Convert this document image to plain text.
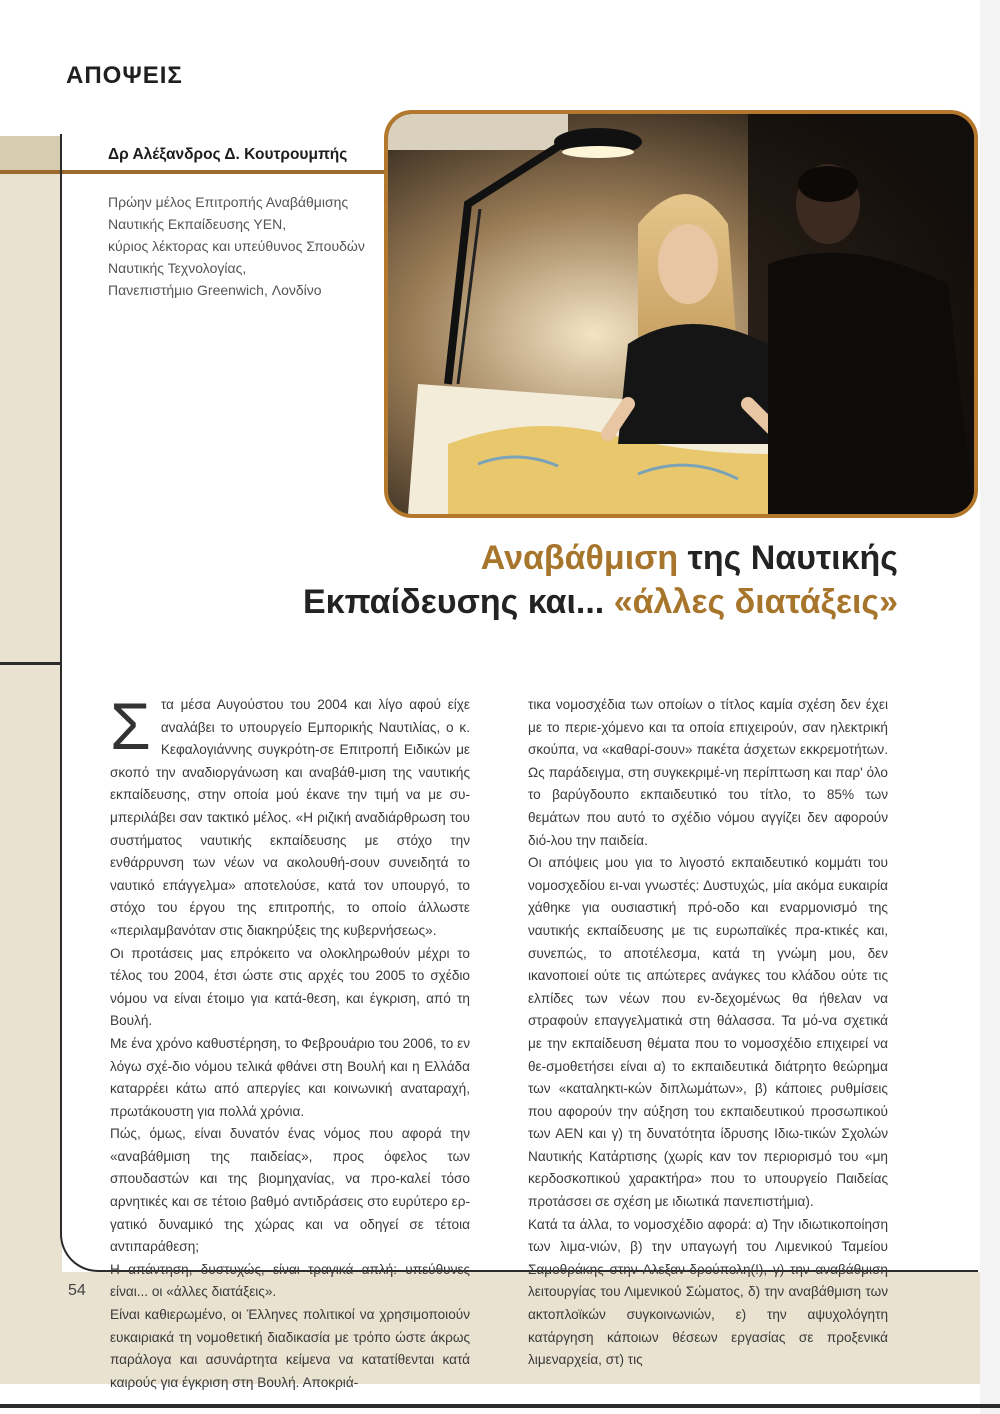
ΑΠΟΨΕΙΣ
Δρ Αλέξανδρος Δ. Κουτρουμπής
Πρώην μέλος Επιτροπής Αναβάθμισης
Ναυτικής Εκπαίδευσης ΥΕΝ,
κύριος λέκτορας και υπεύθυνος Σπουδών
Ναυτικής Τεχνολογίας,
Πανεπιστήμιο Greenwich, Λονδίνο
Αναβάθμιση της Ναυτικής
Εκπαίδευσης και... «άλλες διατάξεις»
Σ τα μέσα Αυγούστου του 2004 και λίγο αφού είχε αναλάβει το υπουργείο Εμπορικής Ναυτιλίας, ο κ. Κεφαλογιάννης συγκρότη-σε Επιτροπή Ειδικών με σκοπό την αναδιοργάνωση και αναβάθ-μιση της ναυτικής εκπαίδευσης, στην οποία μού έκανε την τιμή να με συ-μπεριλάβει σαν τακτικό μέλος. «Η ριζική αναδιάρθρωση του συστήματος ναυτικής εκπαίδευσης με στόχο την ενθάρρυνση των νέων να ακολουθή-σουν συνειδητά το ναυτικό επάγγελμα» αποτελούσε, κατά τον υπουργό, το στόχο του έργου της επιτροπής, το οποίο άλλωστε «περιλαμβανόταν στις διακηρύξεις της κυβερνήσεως».

Οι προτάσεις μας επρόκειτο να ολοκληρωθούν μέχρι το τέλος του 2004, έτσι ώστε στις αρχές του 2005 το σχέδιο νόμου να είναι έτοιμο για κατά-θεση, και έγκριση, από τη Βουλή.

Με ένα χρόνο καθυστέρηση, το Φεβρουάριο του 2006, το εν λόγω σχέ-διο νόμου τελικά φθάνει στη Βουλή και η Ελλάδα καταρρέει κάτω από απεργίες και κοινωνική αναταραχή, πρωτάκουστη για πολλά χρόνια.

Πώς, όμως, είναι δυνατόν ένας νόμος που αφορά την «αναβάθμιση της παιδείας», προς όφελος των σπουδαστών και της βιομηχανίας, να προ-καλεί τόσο αρνητικές και σε τέτοιο βαθμό αντιδράσεις στο ευρύτερο ερ-γατικό δυναμικό της χώρας και να οδηγεί σε τέτοια αντιπαράθεση;

Η απάντηση, δυστυχώς, είναι τραγικά απλή: υπεύθυνες είναι... οι «άλλες διατάξεις».

Είναι καθιερωμένο, οι Έλληνες πολιτικοί να χρησιμοποιούν ευκαιριακά τη νομοθετική διαδικασία με τρόπο ώστε άκρως παράλογα και ασυνάρτητα κείμενα να κατατίθενται κατά καιρούς για έγκριση στη Βουλή. Αποκριά-

τικα νομοσχέδια των οποίων ο τίτλος καμία σχέση δεν έχει με το περιε-χόμενο και τα οποία επιχειρούν, σαν ηλεκτρική σκούπα, να «καθαρί-σουν» πακέτα άσχετων εκκρεμοτήτων. Ως παράδειγμα, στη συγκεκριμέ-νη περίπτωση και παρ' όλο το βαρύγδουπο εκπαιδευτικό του τίτλο, το 85% των θεμάτων που αυτό το σχέδιο νόμου αγγίζει δεν αφορούν διό-λου την παιδεία.

Οι απόψεις μου για το λιγοστό εκπαιδευτικό κομμάτι του νομοσχεδίου ει-ναι γνωστές: Δυστυχώς, μία ακόμα ευκαιρία χάθηκε για ουσιαστική πρό-οδο και εναρμονισμό της ναυτικής εκπαίδευσης με τις ευρωπαϊκές πρα-κτικές και, συνεπώς, το αποτέλεσμα, κατά τη γνώμη μου, δεν ικανοποιεί ούτε τις απώτερες ανάγκες του κλάδου ούτε τις ελπίδες των νέων που εν-δεχομένως θα ήθελαν να στραφούν επαγγελματικά στη θάλασσα. Τα μό-να σχετικά με την εκπαίδευση θέματα που το νομοσχέδιο επιχειρεί να θε-σμοθετήσει είναι α) το εκπαιδευτικά διάτρητο θεώρημα των «καταληκτι-κών διπλωμάτων», β) κάποιες ρυθμίσεις που αφορούν την αύξηση του εκπαιδευτικού προσωπικού των ΑΕΝ και γ) τη δυνατότητα ίδρυσης Ιδιω-τικών Σχολών Ναυτικής Κατάρτισης (χωρίς καν τον περιορισμό του «μη κερδοσκοπικού χαρακτήρα» που το υπουργείο Παιδείας προτάσσει σε σχέση με ιδιωτικά πανεπιστήμια).

Κατά τα άλλα, το νομοσχέδιο αφορά: α) Την ιδιωτικοποίηση των λιμα-νιών, β) την υπαγωγή του Λιμενικού Ταμείου Σαμοθράκης στην Αλεξαν-δρούπολη(!), γ) την αναβάθμιση λειτουργίας του Λιμενικού Σώματος, δ) την αναβάθμιση των ακτοπλοϊκών συγκοινωνιών, ε) την αψυχολόγητη κατάργηση κάποιων θέσεων εργασίας σε προξενικά λιμεναρχεία, στ) τις

54
